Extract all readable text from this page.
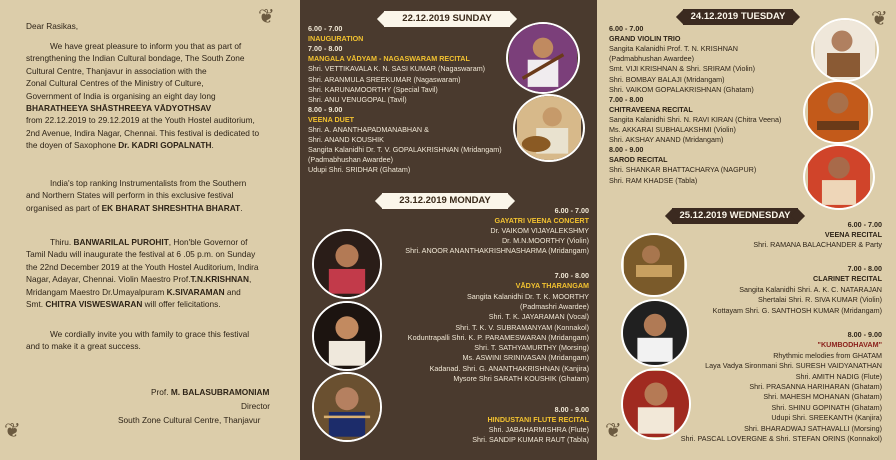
❦
❦
Dear Rasikas,
We have great pleasure to inform you that as part of
strengthening the Indian Cultural bondage, The South Zone
Cultural Centre, Thanjavur in association with the
Zonal Cultural Centres of the Ministry of Culture,
Government of India is organising an eight day long
BHARATHEEYA SHĀSTHREEYA VĀDYOTHSAV
from 22.12.2019 to 29.12.2019 at the Youth Hostel auditorium,
2nd Avenue, Indira Nagar, Chennai. This festival is dedicated to
the doyen of Saxophone Dr. KADRI GOPALNATH.
India's top ranking Instrumentalists from the Southern
and Northern States will perform in this exclusive festival
organised as part of EK BHARAT SHRESHTHA BHARAT.
Thiru. BANWARILAL PUROHIT, Hon'ble Governor of
Tamil Nadu will inaugurate the festival at 6 .05 p.m. on Sunday
the 22nd December 2019 at the Youth Hostel Auditorium, Indira
Nagar, Adayar, Chennai. Violin Maestro Prof.T.N.KRISHNAN,
Mridangam Maestro Dr.Umayalpuram K.SIVARAMAN and
Smt. CHITRA VISWESWARAN will offer felicitations.
We cordially invite you with family to grace this festival
and to make it a great success.
Prof. M. BALASUBRAMONIAM
Director
South Zone Cultural Centre, Thanjavur
22.12.2019 SUNDAY
6.00 - 7.00
INAUGURATION
7.00 - 8.00
MANGALA VĀDYAM - NAGASWARAM RECITAL
Shri. VETTIKAVALA K. N. SASI KUMAR (Nagaswaram)
Shri. ARANMULA SREEKUMAR (Nagaswaram)
Shri. KARUNAMOORTHY (Special Tavil)
Shri. ANU VENUGOPAL (Tavil)
8.00 - 9.00
VEENA DUET
Shri. A. ANANTHAPADMANABHAN &
Shri. ANAND KOUSHIK
Sangita Kalanidhi Dr. T. V. GOPALAKRISHNAN (Mridangam)
(Padmabhushan Awardee)
Udupi Shri. SRIDHAR (Ghatam)
23.12.2019 MONDAY
6.00 - 7.00
GAYATRI VEENA CONCERT
Dr. VAIKOM VIJAYALEKSHMY
Dr. M.N.MOORTHY (Violin)
Shri. ANOOR ANANTHAKRISHNASHARMA (Mridangam)
7.00 - 8.00
VĀDYA THARANGAM
Sangita Kalanidhi Dr. T. K. MOORTHY
(Padmashri Awardee)
Shri. T. K. JAYARAMAN (Vocal)
Shri. T. K. V. SUBRAMANYAM (Konnakol)
Koduntrapalli Shri. K. P. PARAMESWARAN (Mridangam)
Shri. T. SATHYAMURTHY (Morsing)
Ms. ASWINI SRINIVASAN (Mridangam)
Kadanad. Shri. G. ANANTHAKRISHNAN (Kanjira)
Mysore Shri SARATH KOUSHIK (Ghatam)
8.00 - 9.00
HINDUSTANI FLUTE RECITAL
Shri. JABAHARMISHRA (Flute)
Shri. SANDIP KUMAR RAUT (Tabla)
❦
❦
24.12.2019 TUESDAY
6.00 - 7.00
GRAND VIOLIN TRIO
Sangita Kalanidhi Prof. T. N. KRISHNAN
(Padmabhushan Awardee)
Smt. VIJI KRISHNAN & Shri. SRIRAM (Violin)
Shri. BOMBAY BALAJI (Mridangam)
Shri. VAIKOM GOPALAKRISHNAN (Ghatam)
7.00 - 8.00
CHITRAVEENA RECITAL
Sangita Kalanidhi Shri. N. RAVI KIRAN (Chitra Veena)
Ms. AKKARAI SUBHALAKSHMI (Violin)
Shri. AKSHAY ANAND (Mridangam)
8.00 - 9.00
SAROD RECITAL
Shri. SHANKAR BHATTACHARYA (NAGPUR)
Shri. RAM KHADSE (Tabla)
25.12.2019 WEDNESDAY
6.00 - 7.00
VEENA RECITAL
Shri. RAMANA BALACHANDER & Party
7.00 - 8.00
CLARINET RECITAL
Sangita Kalanidhi Shri. A. K. C. NATARAJAN
Shertalai Shri. R. SIVA KUMAR (Violin)
Kottayam Shri. G. SANTHOSH KUMAR (Mridangam)
8.00 - 9.00
"KUMBODHAVAM"
Rhythmic melodies from GHATAM
Laya Vadya Sironmani Shri. SURESH VAIDYANATHAN
Shri. AMITH NADIG (Flute)
Shri. PRASANNA HARIHARAN (Ghatam)
Shri. MAHESH MOHANAN (Ghatam)
Shri. SHINU GOPINATH (Ghatam)
Udupi Shri. SREEKANTH (Kanjira)
Shri. BHARADWAJ SATHAVALLI (Morsing)
Shri. PASCAL LOVERGNE & Shri. STEFAN ORINS (Konnakol)
